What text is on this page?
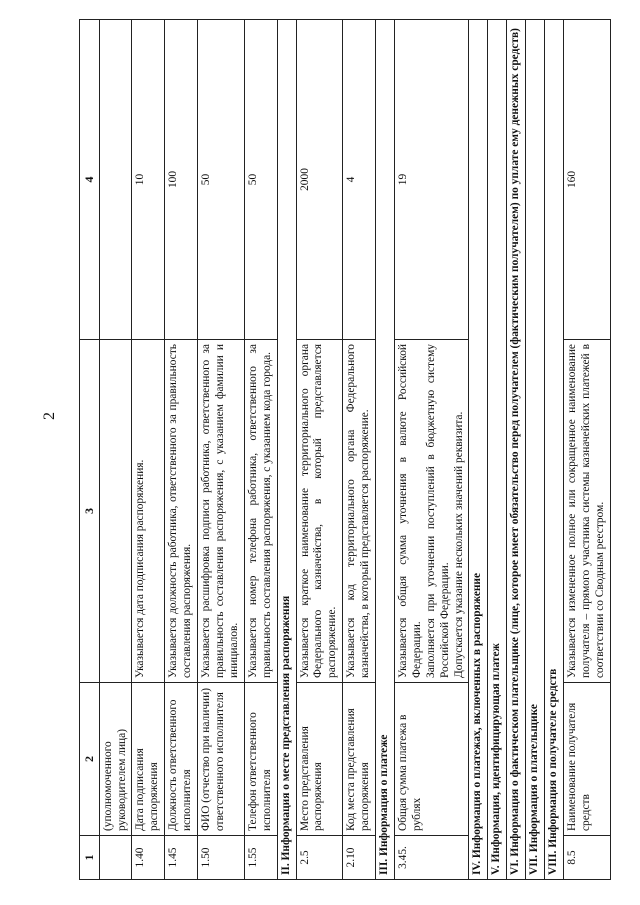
2
1	2	3	4
	(уполномоченного руководителем лица)		
1.40	Дата подписания распоряжения	Указывается дата подписания распоряжения.	10
1.45	Должность ответственного исполнителя	Указывается должность работника, ответственного за правильность составления распоряжения.	100
1.50	ФИО (отчество при наличии) ответственного исполнителя	Указывается расшифровка подписи работника, ответственного за правильность составления распоряжения, с указанием фамилии и инициалов.	50
1.55	Телефон ответственного исполнителя	Указывается номер телефона работника, ответственного за правильность составления распоряжения, с указанием кода города.	50
II. Информация о месте представления распоряжения			
2.5	Место представления распоряжения	Указывается краткое наименование территориального органа Федерального казначейства, в который представляется распоряжение.	2000
2.10	Код места представления распоряжения	Указывается код территориального органа Федерального казначейства, в который представляется распоряжение.	4
III. Информация о платеже			
3.45.	Общая сумма платежа в рублях	Указывается общая сумма уточнения в валюте Российской Федерации. Заполняется при уточнении поступлений в бюджетную систему Российской Федерации. Допускается указание нескольких значений реквизита.	19
IV. Информация о платежах, включенных в распоряжение			
V. Информация, идентифицирующая платеж			
VI. Информация о фактическом плательщике (лице, которое имеет обязательство перед получателем (фактическим получателем) по уплате ему денежных средств)			
VII. Информация о плательщике			
VIII. Информация о получателе средств			
8.5	Наименование получателя средств	Указывается измененное полное или сокращенное наименование получателя – прямого участника системы казначейских платежей в соответствии со Сводным реестром.	160
